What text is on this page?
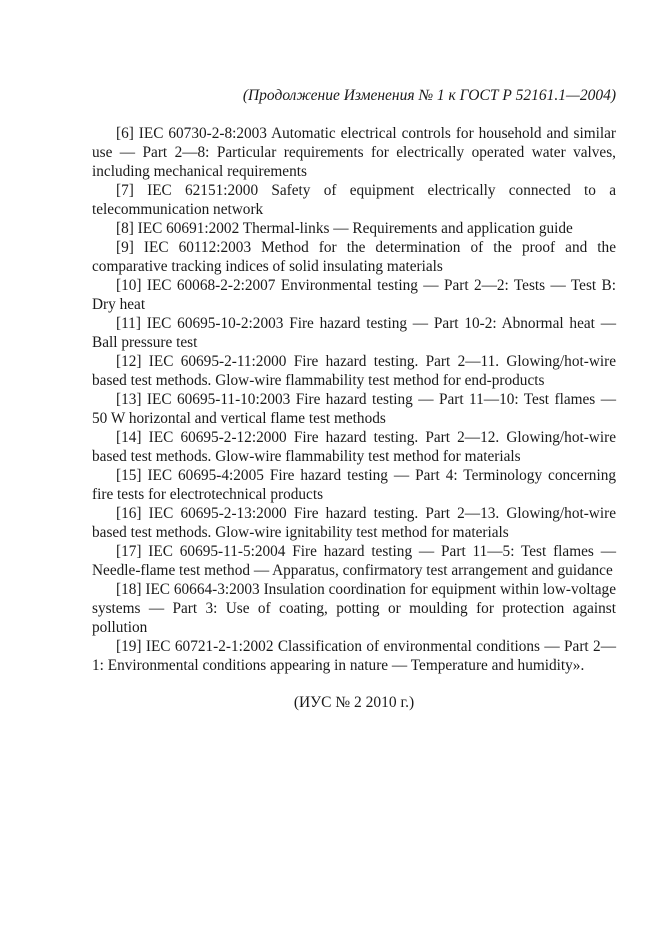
(Продолжение Изменения № 1 к ГОСТ Р 52161.1—2004)

[6] IEC 60730-2-8:2003 Automatic electrical controls for household and similar use — Part 2—8: Particular requirements for electrically operated water valves, including mechanical requirements

[7] IEC 62151:2000 Safety of equipment electrically connected to a telecommunication network

[8] IEC 60691:2002 Thermal-links — Requirements and application guide

[9] IEC 60112:2003 Method for the determination of the proof and the comparative tracking indices of solid insulating materials

[10] IEC 60068-2-2:2007 Environmental testing — Part 2—2: Tests — Test B: Dry heat

[11] IEC 60695-10-2:2003 Fire hazard testing — Part 10-2: Abnormal heat — Ball pressure test

[12] IEC 60695-2-11:2000 Fire hazard testing. Part 2—11. Glowing/hot-wire based test methods. Glow-wire flammability test method for end-products

[13] IEC 60695-11-10:2003 Fire hazard testing — Part 11—10: Test flames — 50 W horizontal and vertical flame test methods

[14] IEC 60695-2-12:2000 Fire hazard testing. Part 2—12. Glowing/hot-wire based test methods. Glow-wire flammability test method for materials

[15] IEC 60695-4:2005 Fire hazard testing — Part 4: Terminology concerning fire tests for electrotechnical products

[16] IEC 60695-2-13:2000 Fire hazard testing. Part 2—13. Glowing/hot-wire based test methods. Glow-wire ignitability test method for materials

[17] IEC 60695-11-5:2004 Fire hazard testing — Part 11—5: Test flames — Needle-flame test method — Apparatus, confirmatory test arrangement and guidance

[18] IEC 60664-3:2003 Insulation coordination for equipment within low-voltage systems — Part 3: Use of coating, potting or moulding for protection against pollution

[19] IEC 60721-2-1:2002 Classification of environmental conditions — Part 2—1: Environmental conditions appearing in nature — Temperature and humidity».

(ИУС № 2 2010 г.)
